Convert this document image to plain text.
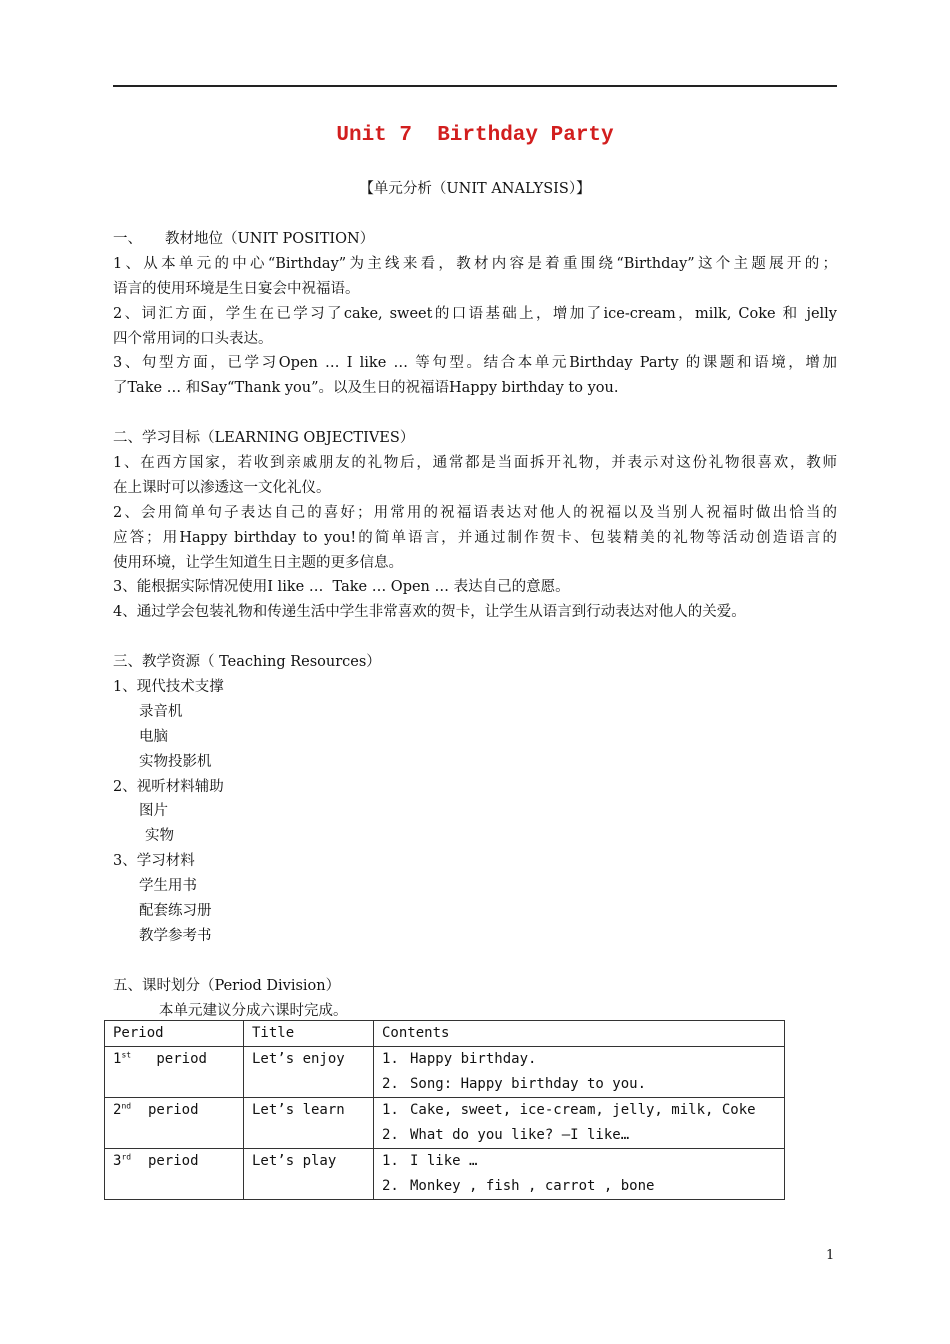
Unit 7  Birthday Party
【单元分析（UNIT ANALYSIS）】
一、     教材地位（UNIT POSITION）
1、从本单元的中心“Birthday”为主线来看，教材内容是着重围绕“Birthday”这个主题展开的；
语言的使用环境是生日宴会中祝福语。
2、词汇方面，学生在已学习了cake, sweet的口语基础上，增加了ice-cream，milk, Coke 和 jelly
四个常用词的口头表达。
3、句型方面，已学习Open … I like … 等句型。结合本单元Birthday Party 的课题和语境，增加
了Take … 和Say“Thank you”。以及生日的祝福语Happy birthday to you.
二、学习目标（LEARNING OBJECTIVES）
1、在西方国家，若收到亲戚朋友的礼物后，通常都是当面拆开礼物，并表示对这份礼物很喜欢，教师
在上课时可以渗透这一文化礼仪。
2、会用简单句子表达自己的喜好；用常用的祝福语表达对他人的祝福以及当别人祝福时做出恰当的
应答；用Happy birthday to you!的简单语言，并通过制作贺卡、包装精美的礼物等活动创造语言的
使用环境，让学生知道生日主题的更多信息。
3、能根据实际情况使用I like …  Take … Open … 表达自己的意愿。
4、通过学会包装礼物和传递生活中学生非常喜欢的贺卡，让学生从语言到行动表达对他人的关爱。
三、教学资源（ Teaching Resources）
1、现代技术支撑
录音机
电脑
实物投影机
2、视听材料辅助
图片
实物
3、学习材料
学生用书
配套练习册
教学参考书
五、课时划分（Period Division）
本单元建议分成六课时完成。
Period	Title	Contents

1st period	Let’s enjoy	1. Happy birthday.
2. Song: Happy birthday to you.

2nd period	Let’s learn	1. Cake, sweet, ice-cream, jelly, milk, Coke
2. What do you like? —I like…

3rd period	Let’s play	1. I like …
2. Monkey , fish , carrot , bone
1
